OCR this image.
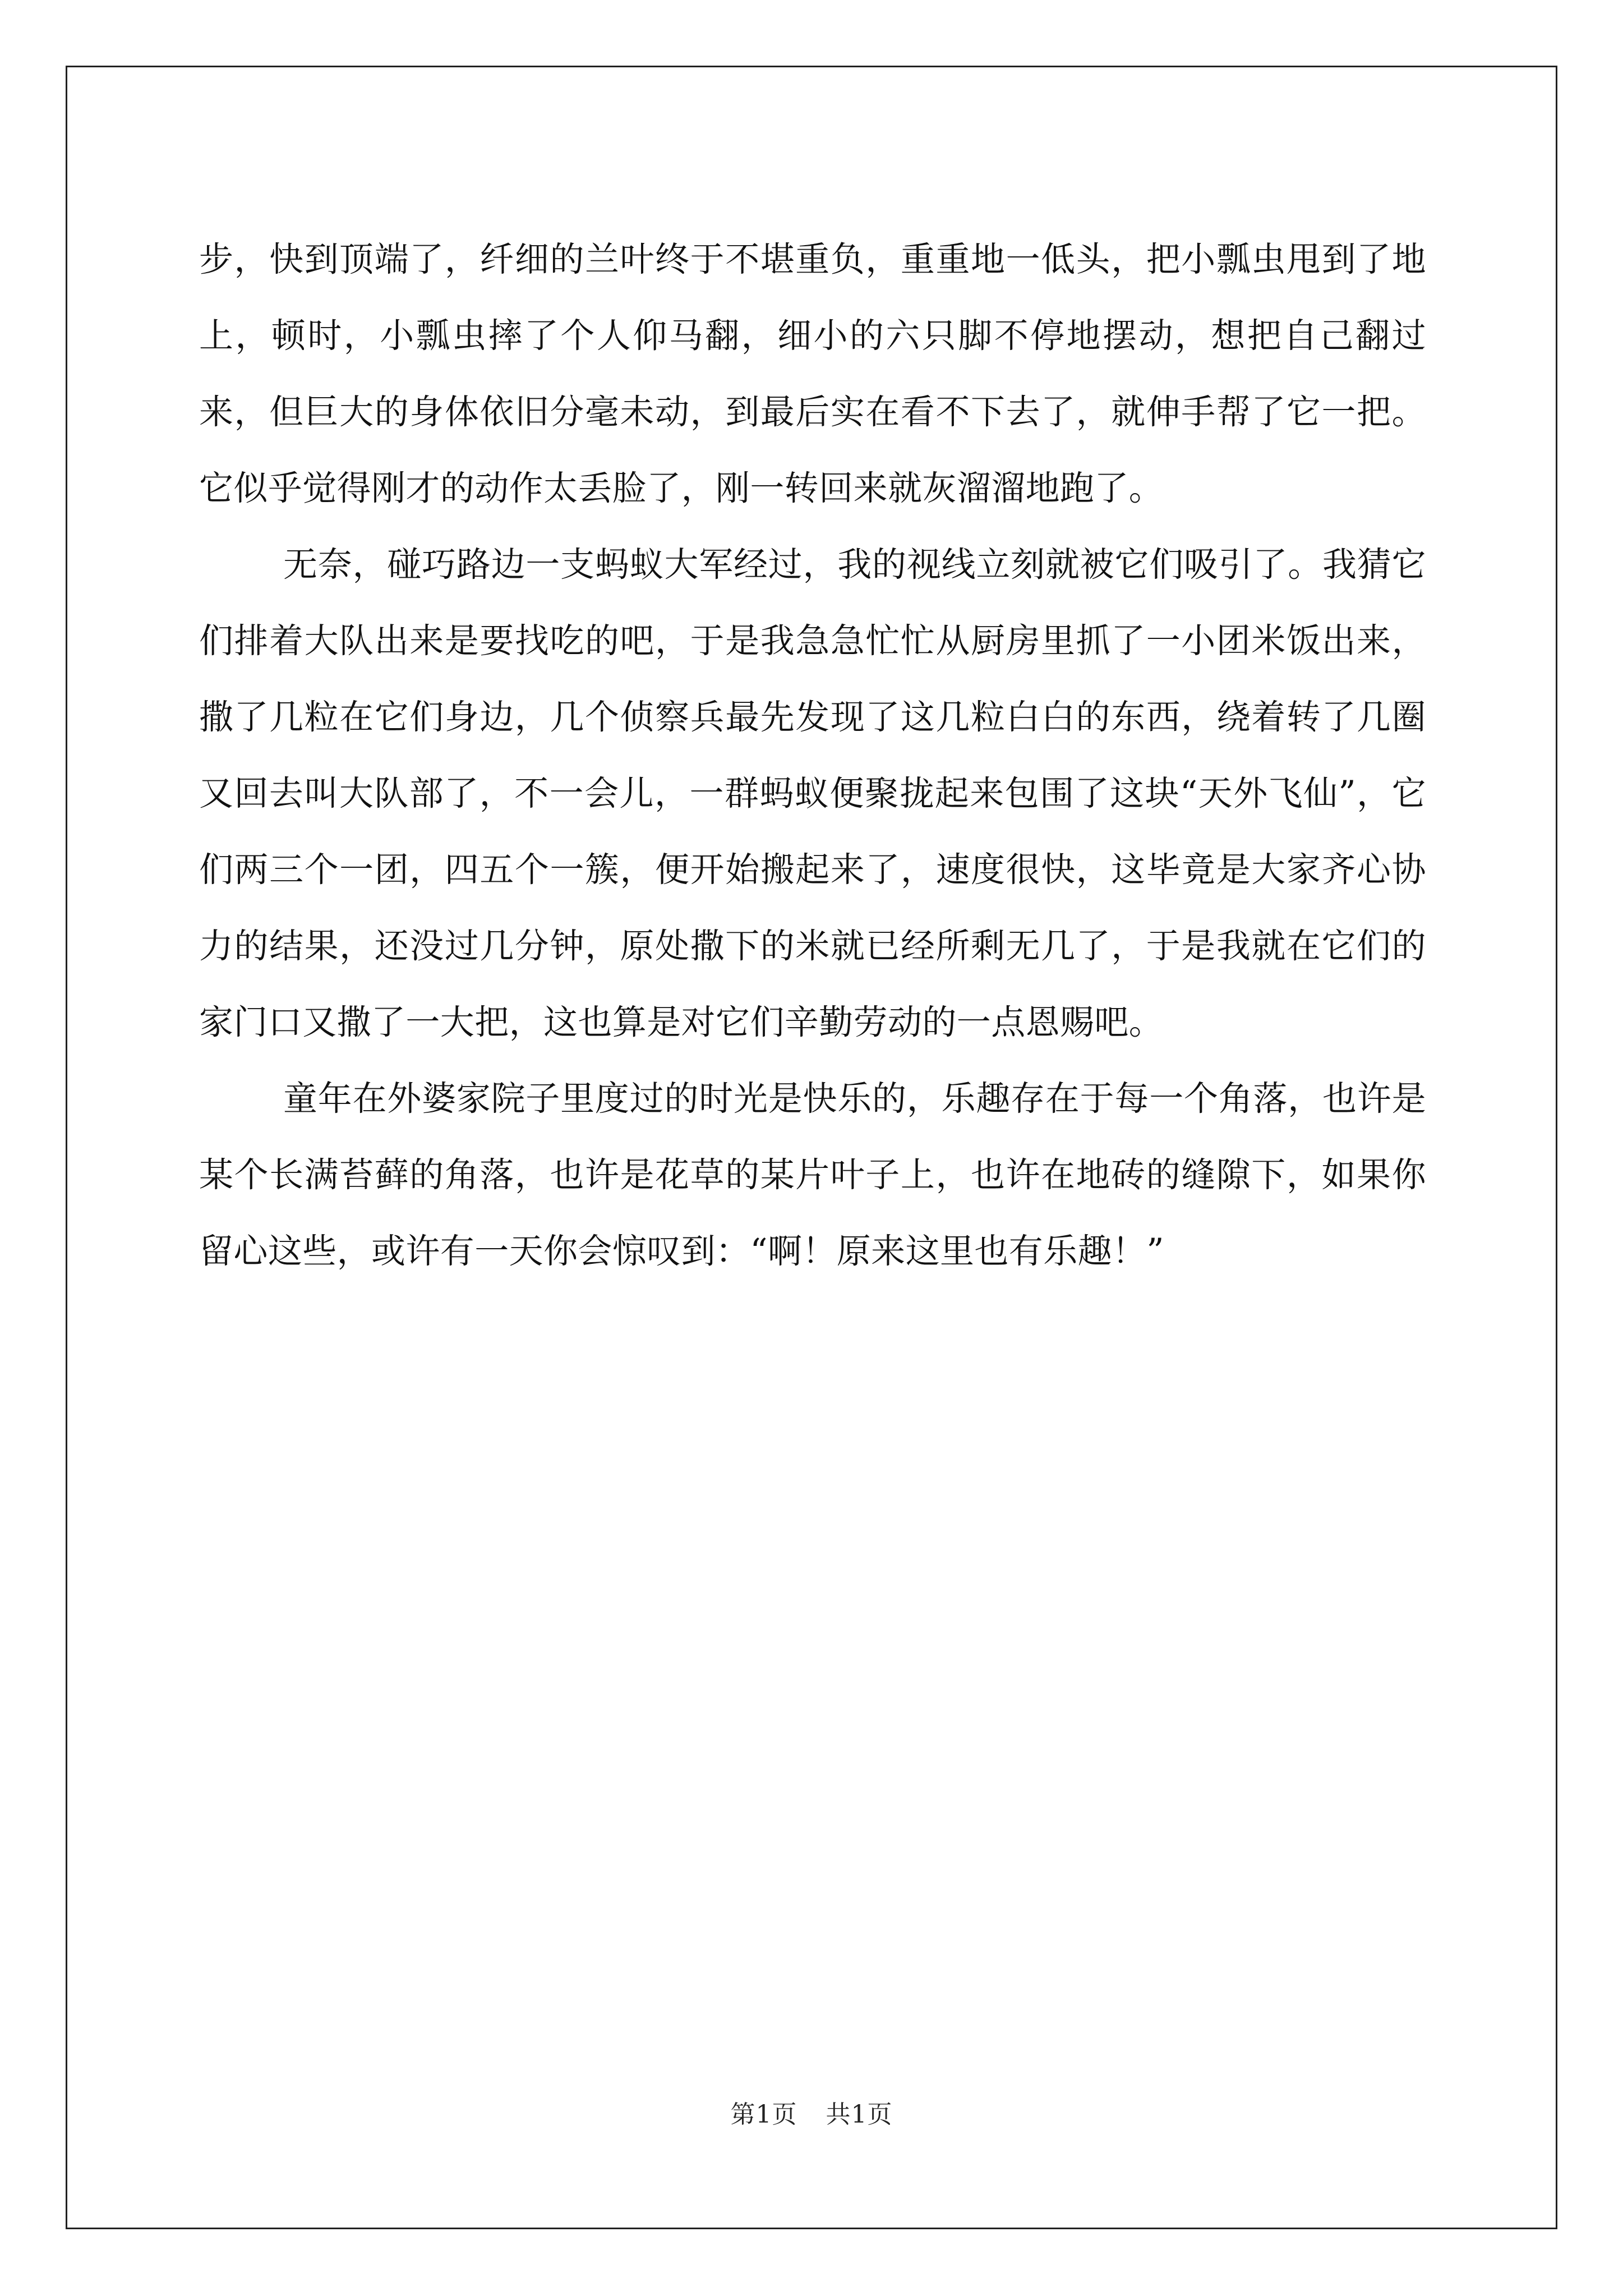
步，快到顶端了，纤细的兰叶终于不堪重负，重重地一低头，把小瓢虫甩到了地上，顿时，小瓢虫摔了个人仰马翻，细小的六只脚不停地摆动，想把自己翻过来，但巨大的身体依旧分毫未动，到最后实在看不下去了，就伸手帮了它一把。它似乎觉得刚才的动作太丢脸了，刚一转回来就灰溜溜地跑了。

无奈，碰巧路边一支蚂蚁大军经过，我的视线立刻就被它们吸引了。我猜它们排着大队出来是要找吃的吧，于是我急急忙忙从厨房里抓了一小团米饭出来，撒了几粒在它们身边，几个侦察兵最先发现了这几粒白白的东西，绕着转了几圈又回去叫大队部了，不一会儿，一群蚂蚁便聚拢起来包围了这块“天外飞仙”，它们两三个一团，四五个一簇，便开始搬起来了，速度很快，这毕竟是大家齐心协力的结果，还没过几分钟，原处撒下的米就已经所剩无几了，于是我就在它们的家门口又撒了一大把，这也算是对它们辛勤劳动的一点恩赐吧。

童年在外婆家院子里度过的时光是快乐的，乐趣存在于每一个角落，也许是某个长满苔藓的角落，也许是花草的某片叶子上，也许在地砖的缝隙下，如果你留心这些，或许有一天你会惊叹到：“啊！原来这里也有乐趣！”

第1页 共1页
